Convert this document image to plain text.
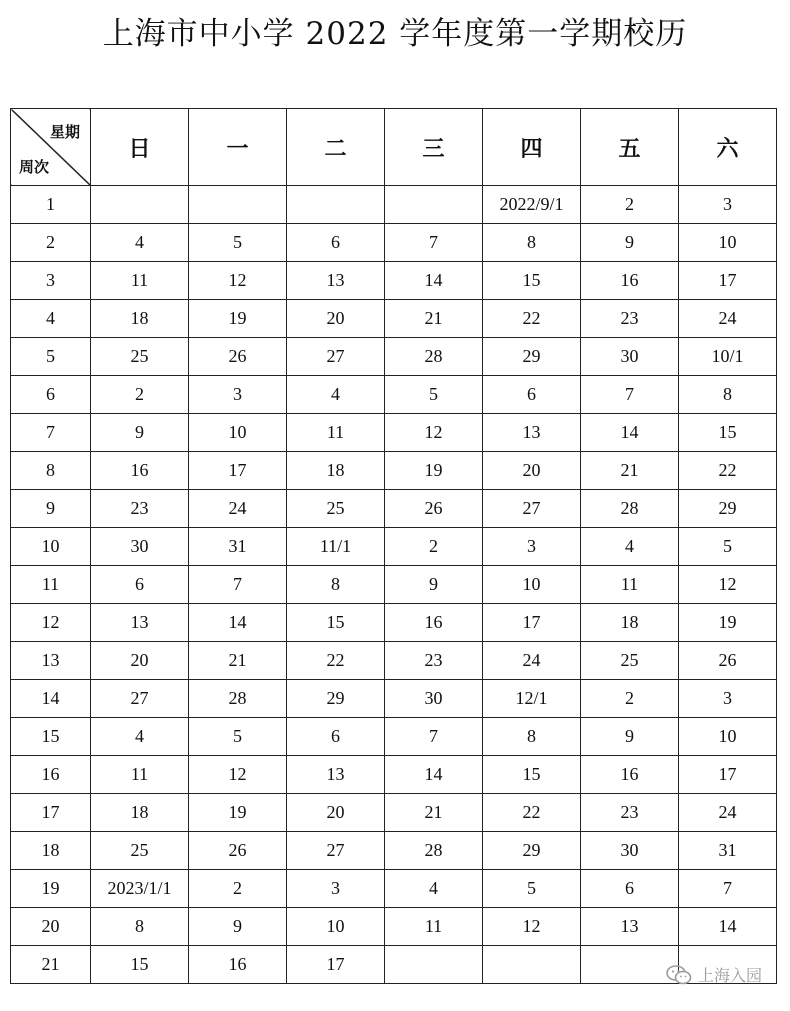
上海市中小学 2022 学年度第一学期校历
星期
周次	日	一	二	三	四	五	六
1					2022/9/1	2	3
2	4	5	6	7	8	9	10
3	11	12	13	14	15	16	17
4	18	19	20	21	22	23	24
5	25	26	27	28	29	30	10/1
6	2	3	4	5	6	7	8
7	9	10	11	12	13	14	15
8	16	17	18	19	20	21	22
9	23	24	25	26	27	28	29
10	30	31	11/1	2	3	4	5
11	6	7	8	9	10	11	12
12	13	14	15	16	17	18	19
13	20	21	22	23	24	25	26
14	27	28	29	30	12/1	2	3
15	4	5	6	7	8	9	10
16	11	12	13	14	15	16	17
17	18	19	20	21	22	23	24
18	25	26	27	28	29	30	31
19	2023/1/1	2	3	4	5	6	7
20	8	9	10	11	12	13	14
21	15	16	17				
上海入园
